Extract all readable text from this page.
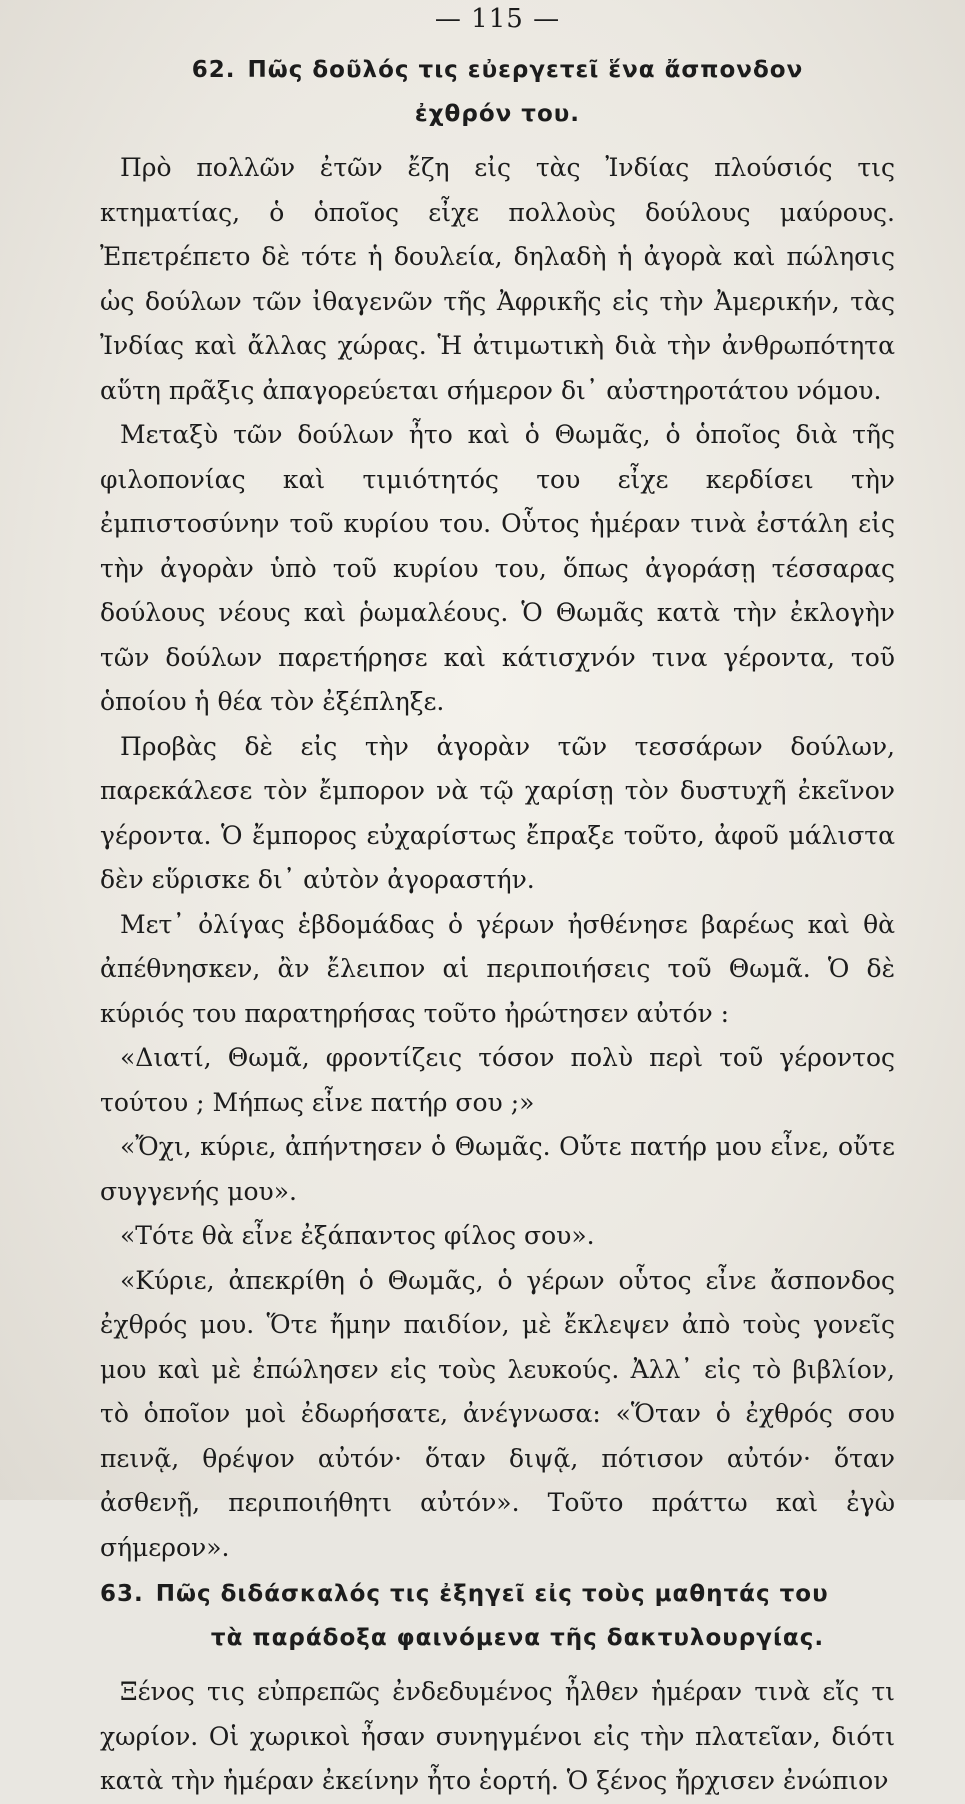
— 115 —
62. Πῶς δοῦλός τις εὐεργετεῖ ἕνα ἄσπονδον
ἐχθρόν του.

Πρὸ πολλῶν ἐτῶν ἔζη εἰς τὰς Ἰνδίας πλούσιός τις κτηματίας, ὁ ὁποῖος εἶχε πολλοὺς δούλους μαύρους. Ἐπετρέπετο δὲ τότε ἡ δουλεία, δηλαδὴ ἡ ἀγορὰ καὶ πώλησις ὡς δούλων τῶν ἰθαγενῶν τῆς Ἀφρικῆς εἰς τὴν Ἀμερικήν, τὰς Ἰνδίας καὶ ἄλλας χώρας. Ἡ ἀτιμωτικὴ διὰ τὴν ἀνθρωπότητα αὕτη πρᾶξις ἀπαγορεύεται σήμερον δι᾽ αὐστηροτάτου νόμου.

Μεταξὺ τῶν δούλων ἦτο καὶ ὁ Θωμᾶς, ὁ ὁποῖος διὰ τῆς φιλοπονίας καὶ τιμιότητός του εἶχε κερδίσει τὴν ἐμπιστοσύνην τοῦ κυρίου του. Οὗτος ἡμέραν τινὰ ἐστάλη εἰς τὴν ἀγορὰν ὑπὸ τοῦ κυρίου του, ὅπως ἀγοράσῃ τέσσαρας δούλους νέους καὶ ῥωμαλέους. Ὁ Θωμᾶς κατὰ τὴν ἐκλογὴν τῶν δούλων παρετήρησε καὶ κάτισχνόν τινα γέροντα, τοῦ ὁποίου ἡ θέα τὸν ἐξέπληξε.

Προβὰς δὲ εἰς τὴν ἀγορὰν τῶν τεσσάρων δούλων, παρεκάλεσε τὸν ἔμπορον νὰ τῷ χαρίσῃ τὸν δυστυχῆ ἐκεῖνον γέροντα. Ὁ ἔμπορος εὐχαρίστως ἔπραξε τοῦτο, ἀφοῦ μάλιστα δὲν εὕρισκε δι᾽ αὐτὸν ἀγοραστήν.

Μετ᾽ ὀλίγας ἑβδομάδας ὁ γέρων ἠσθένησε βαρέως καὶ θὰ ἀπέθνησκεν, ἂν ἔλειπον αἱ περιποιήσεις τοῦ Θωμᾶ. Ὁ δὲ κύριός του παρατηρήσας τοῦτο ἠρώτησεν αὐτόν :

«Διατί, Θωμᾶ, φροντίζεις τόσον πολὺ περὶ τοῦ γέροντος τούτου ; Μήπως εἶνε πατήρ σου ;»

«Ὄχι, κύριε, ἀπήντησεν ὁ Θωμᾶς. Οὔτε πατήρ μου εἶνε, οὔτε συγγενής μου».

«Τότε θὰ εἶνε ἐξάπαντος φίλος σου».

«Κύριε, ἀπεκρίθη ὁ Θωμᾶς, ὁ γέρων οὗτος εἶνε ἄσπονδος ἐχθρός μου. Ὅτε ἤμην παιδίον, μὲ ἔκλεψεν ἀπὸ τοὺς γονεῖς μου καὶ μὲ ἐπώλησεν εἰς τοὺς λευκούς. Ἀλλ᾽ εἰς τὸ βιβλίον, τὸ ὁποῖον μοὶ ἐδωρήσατε, ἀνέγνωσα: «Ὅταν ὁ ἐχθρός σου πεινᾷ, θρέψον αὐτόν· ὅταν διψᾷ, πότισον αὐτόν· ὅταν ἀσθενῇ, περιποιήθητι αὐτόν». Τοῦτο πράττω καὶ ἐγὼ σήμερον».

63. Πῶς διδάσκαλός τις ἐξηγεῖ εἰς τοὺς μαθητάς του
τὰ παράδοξα φαινόμενα τῆς δακτυλουργίας.

Ξένος τις εὐπρεπῶς ἐνδεδυμένος ἦλθεν ἡμέραν τινὰ εἴς τι χωρίον. Οἱ χωρικοὶ ἦσαν συνηγμένοι εἰς τὴν πλατεῖαν, διότι κατὰ τὴν ἡμέραν ἐκείνην ἦτο ἑορτή. Ὁ ξένος ἤρχισεν ἐνώπιον
